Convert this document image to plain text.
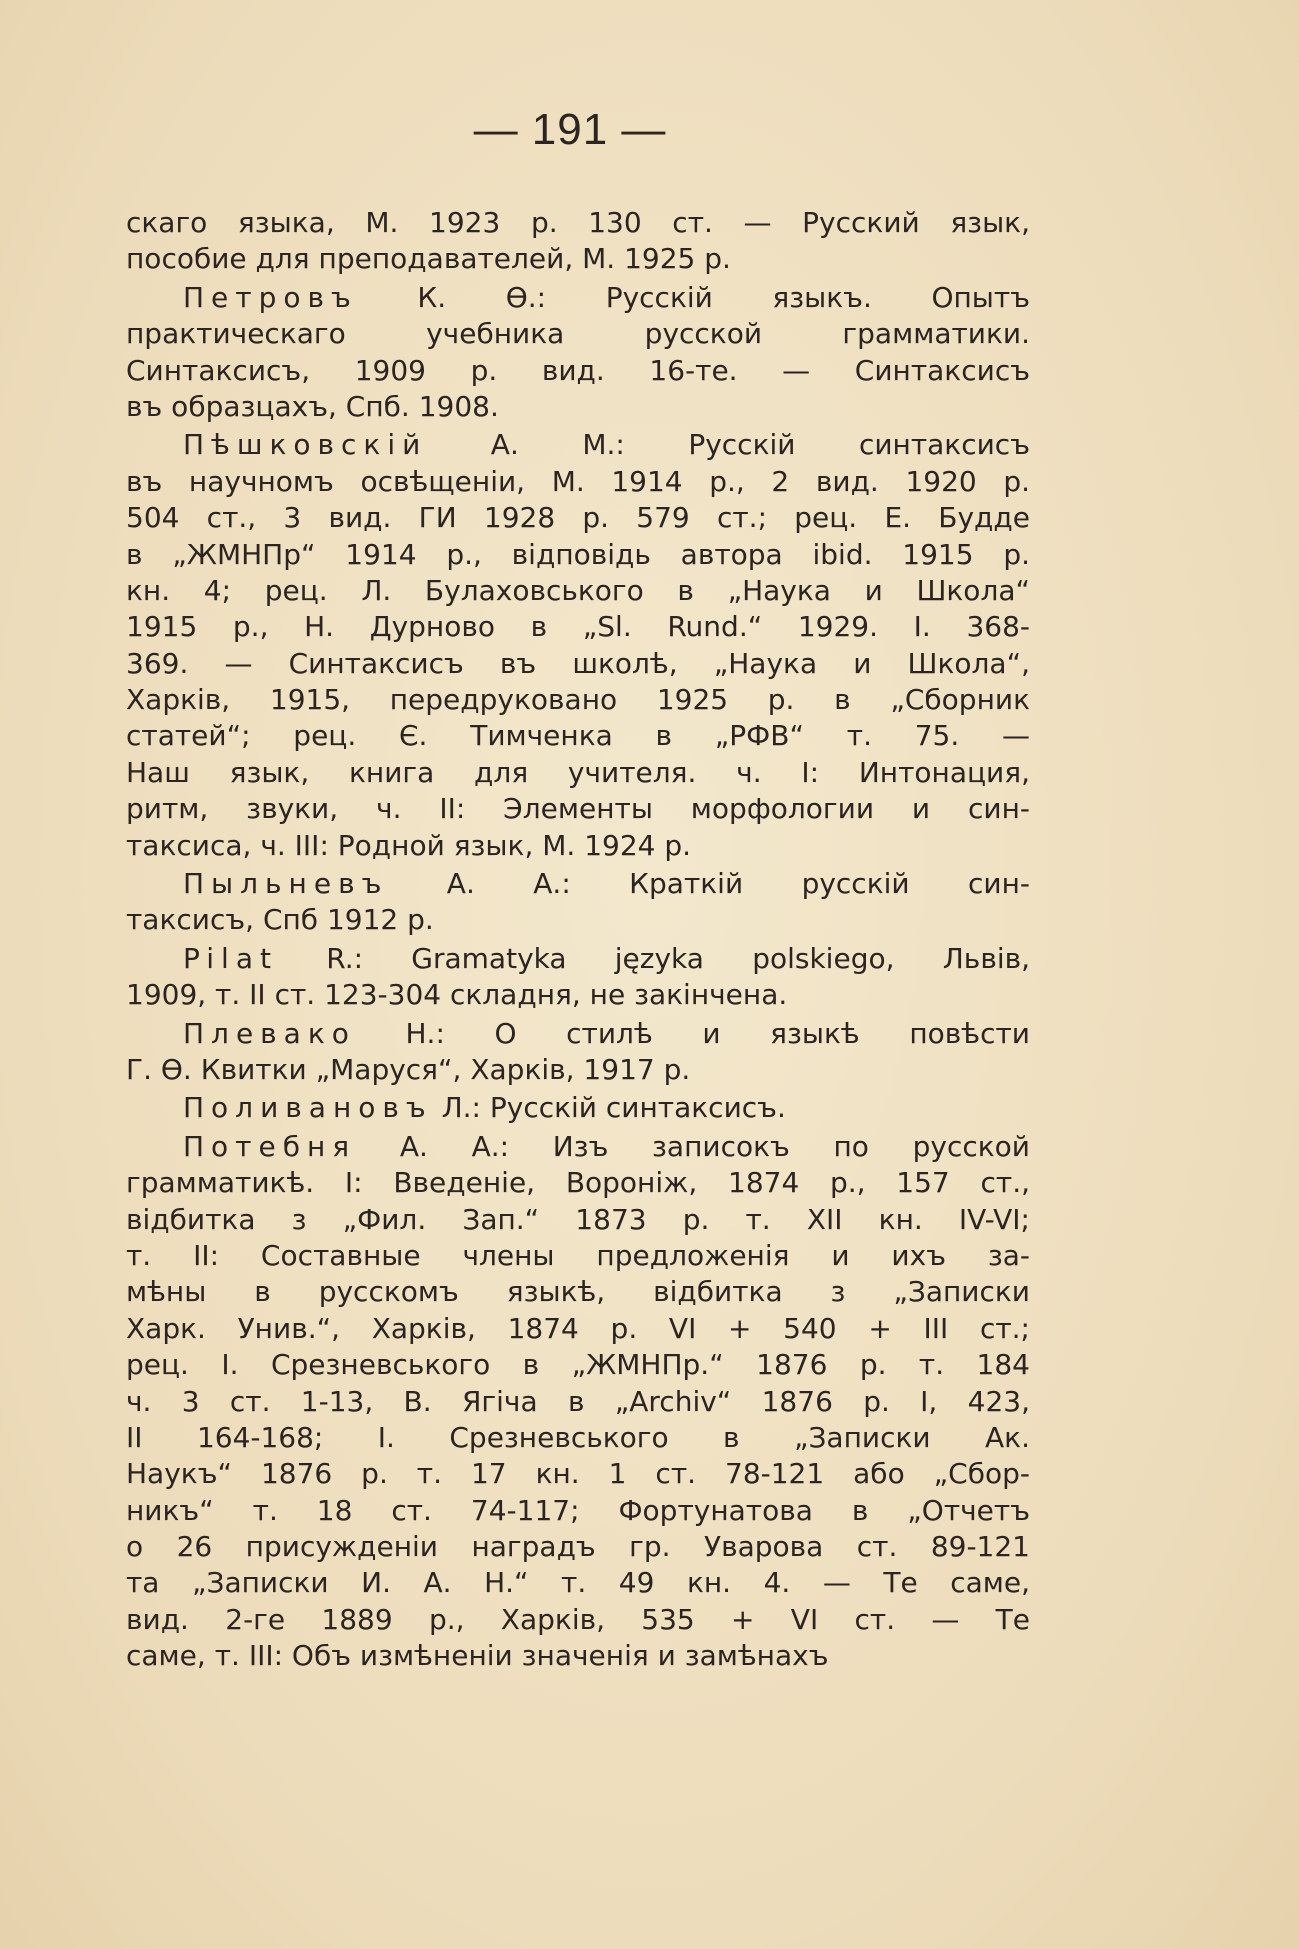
— 191 —
скаго языка, М. 1923 р. 130 ст. — Русский язык,
пособие для преподавателей, М. 1925 р.
Петровъ К. Ѳ.: Русскій языкъ. Опытъ
практическаго учебника русской грамматики.
Синтаксисъ, 1909 р. вид. 16-те. — Синтаксисъ
въ образцахъ, Спб. 1908.
Пѣшковскій А. М.: Русскій синтаксисъ
въ научномъ освѣщеніи, М. 1914 р., 2 вид. 1920 р.
504 ст., 3 вид. ГИ 1928 р. 579 ст.; рец. Е. Будде
в „ЖМНПр“ 1914 р., відповідь автора ibid. 1915 р.
кн. 4; рец. Л. Булаховського в „Наука и Школа“
1915 р., Н. Дурново в „Sl. Rund.“ 1929. I. 368-
369. — Синтаксисъ въ школѣ, „Наука и Школа“,
Харків, 1915, передруковано 1925 р. в „Сборник
статей“; рец. Є. Тимченка в „РФВ“ т. 75. —
Наш язык, книга для учителя. ч. I: Интонация,
ритм, звуки, ч. II: Элементы морфологии и син-
таксиса, ч. III: Родной язык, М. 1924 р.
Пыльневъ А. А.: Краткій русскій син-
таксисъ, Спб 1912 р.
Pilat R.: Gramatyka języka polskiego, Львів,
1909, т. II ст. 123-304 складня, не закінчена.
Плевако Н.: О стилѣ и языкѣ повѣсти
Г. Ѳ. Квитки „Маруся“, Харків, 1917 р.
Поливановъ Л.: Русскій синтаксисъ.
Потебня А. А.: Изъ записокъ по русской
грамматикѣ. I: Введеніе, Вороніж, 1874 р., 157 ст.,
відбитка з „Фил. Зап.“ 1873 р. т. XII кн. IV-VI;
т. II: Составные члены предложенія и ихъ за-
мѣны в русскомъ языкѣ, відбитка з „Записки
Харк. Унив.“, Харків, 1874 р. VI + 540 + III ст.;
рец. I. Срезневського в „ЖМНПр.“ 1876 р. т. 184
ч. 3 ст. 1-13, В. Ягіча в „Archiv“ 1876 р. I, 423,
II 164-168; I. Срезневського в „Записки Ак.
Наукъ“ 1876 р. т. 17 кн. 1 ст. 78-121 або „Сбор-
никъ“ т. 18 ст. 74-117; Фортунатова в „Отчетъ
о 26 присужденіи наградъ гр. Уварова ст. 89-121
та „Записки И. А. Н.“ т. 49 кн. 4. — Те саме,
вид. 2-ге 1889 р., Харків, 535 + VI ст. — Те
саме, т. III: Объ измѣненіи значенія и замѣнахъ
